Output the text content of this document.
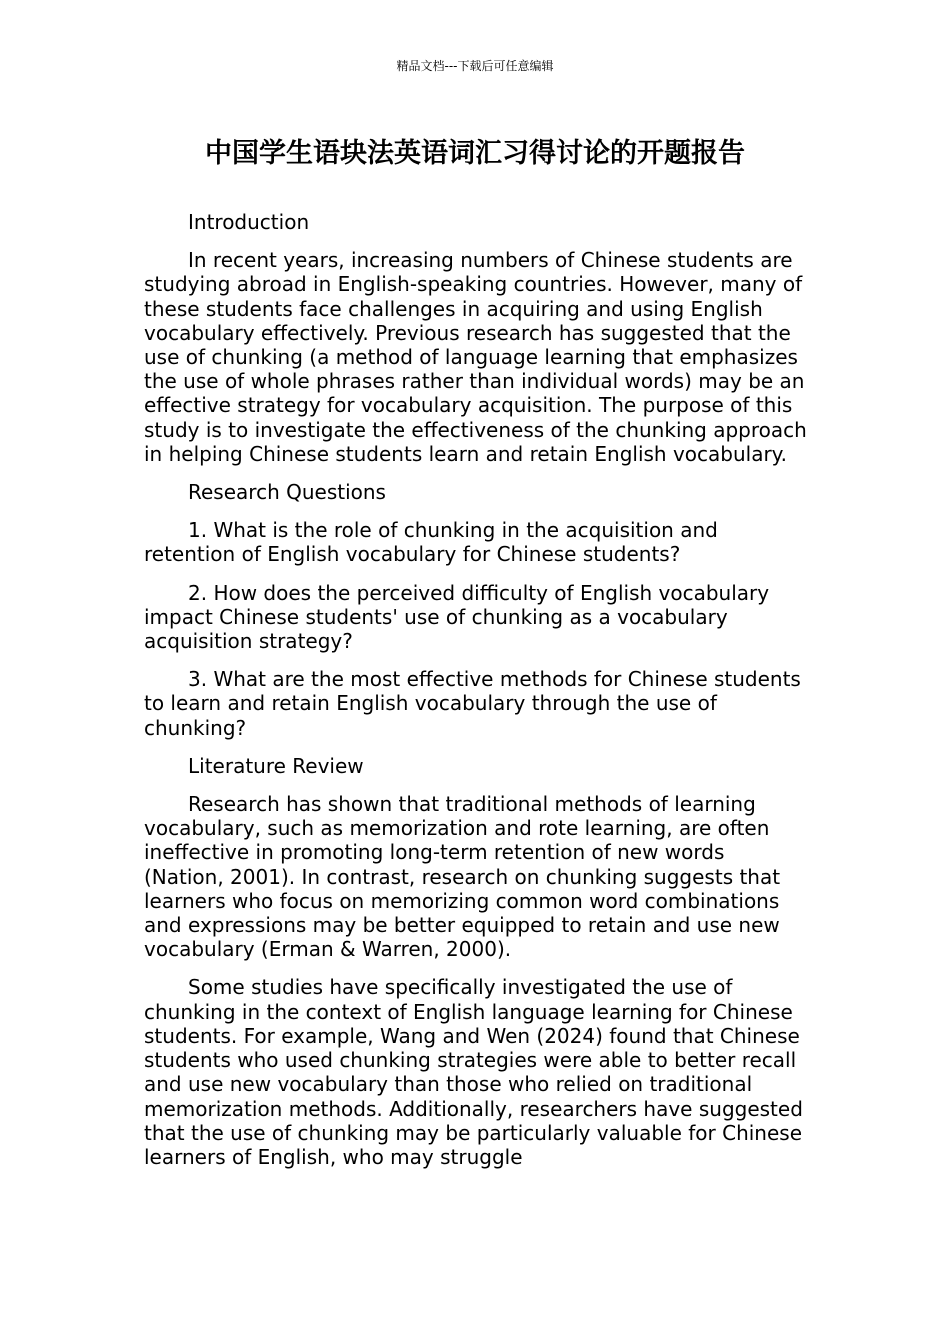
精品文档---下载后可任意编辑
中国学生语块法英语词汇习得讨论的开题报告

Introduction

In recent years, increasing numbers of Chinese students are studying abroad in English-speaking countries. However, many of these students face challenges in acquiring and using English vocabulary effectively. Previous research has suggested that the use of chunking (a method of language learning that emphasizes the use of whole phrases rather than individual words) may be an effective strategy for vocabulary acquisition. The purpose of this study is to investigate the effectiveness of the chunking approach in helping Chinese students learn and retain English vocabulary.

Research Questions

1. What is the role of chunking in the acquisition and retention of English vocabulary for Chinese students?

2. How does the perceived difficulty of English vocabulary impact Chinese students' use of chunking as a vocabulary acquisition strategy?

3. What are the most effective methods for Chinese students to learn and retain English vocabulary through the use of chunking?

Literature Review

Research has shown that traditional methods of learning vocabulary, such as memorization and rote learning, are often ineffective in promoting long-term retention of new words (Nation, 2001). In contrast, research on chunking suggests that learners who focus on memorizing common word combinations and expressions may be better equipped to retain and use new vocabulary (Erman & Warren, 2000).

Some studies have specifically investigated the use of chunking in the context of English language learning for Chinese students. For example, Wang and Wen (2024) found that Chinese students who used chunking strategies were able to better recall and use new vocabulary than those who relied on traditional memorization methods. Additionally, researchers have suggested that the use of chunking may be particularly valuable for Chinese learners of English, who may struggle
